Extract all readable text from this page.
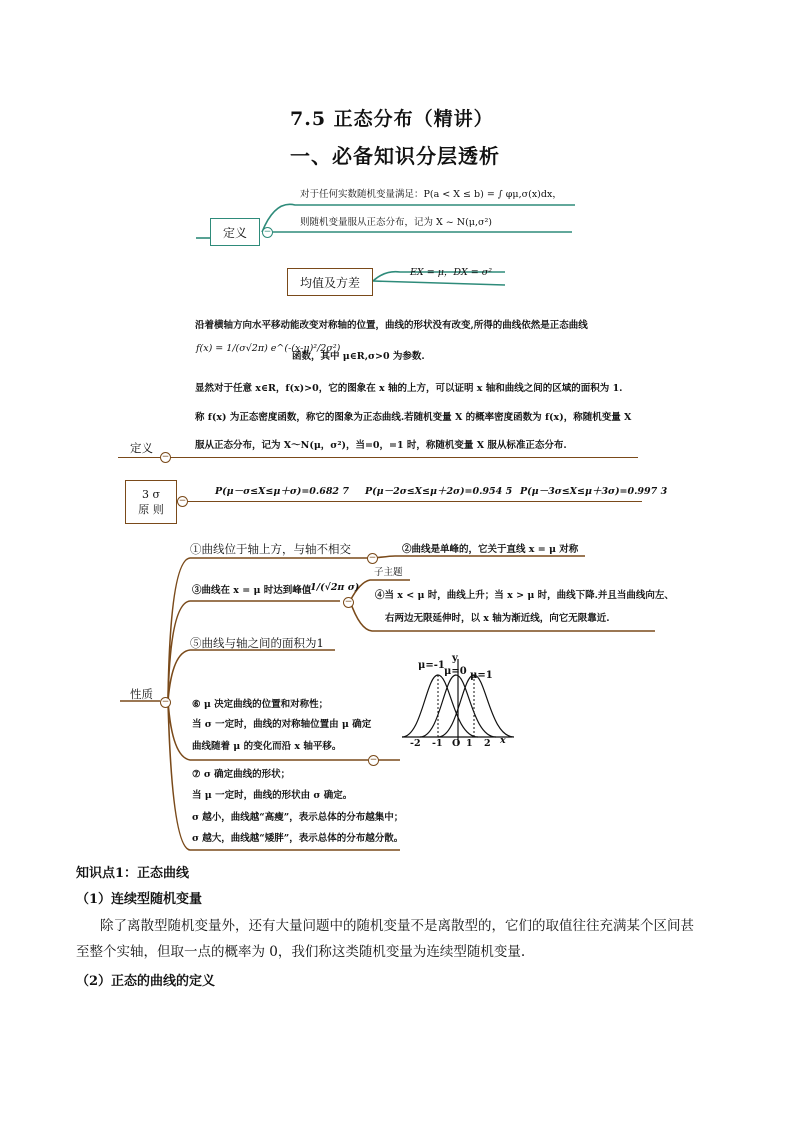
7.5 正态分布（精讲）
一、必备知识分层透析
对于任何实数随机变量满足：P(a < X ≤ b) = ∫ φμ,σ(x)dx，
则随机变量服从正态分布，记为 X ~ N(μ,σ²)
定义	−
均值及方差
EX = μ，DX = σ²
沿着横轴方向水平移动能改变对称轴的位置，曲线的形状没有改变,所得的曲线依然是正态曲线
f(x) = 1/(σ√2π) e^(-(x-μ)²/2σ²)
函数，其中 μ∈R,σ>0 为参数.
显然对于任意 x∈R，f(x)>0，它的图象在 x 轴的上方，可以证明 x 轴和曲线之间的区域的面积为 1.
称 f(x) 为正态密度函数，称它的图象为正态曲线.若随机变量 X 的概率密度函数为 f(x)，称随机变量 X
服从正态分布，记为 X～N(μ，σ²)，当=0，=1 时，称随机变量 X 服从标准正态分布.
定义
−
3 σ
原 则
−
P(μ－σ≤X≤μ＋σ)=0.682 7 P(μ－2σ≤X≤μ＋2σ)=0.954 5 P(μ－3σ≤X≤μ＋3σ)=0.997 3
性质
−
①曲线位于轴上方，与轴不相交
−
②曲线是单峰的，它关于直线 x = μ 对称
③曲线在 x = μ 时达到峰值
1/(√2π σ)
−
子主题
④当 x < μ 时，曲线上升；当 x > μ 时，曲线下降.并且当曲线向左、
右两边无限延伸时，以 x 轴为渐近线，向它无限靠近.
⑤曲线与轴之间的面积为1
⑥ μ 决定曲线的位置和对称性；
当 σ 一定时，曲线的对称轴位置由 μ 确定
曲线随着 μ 的变化而沿 x 轴平移。
−
⑦ σ 确定曲线的形状；
当 μ 一定时，曲线的形状由 σ 确定。
σ 越小，曲线越“高瘦”，表示总体的分布越集中；
σ 越大，曲线越“矮胖”，表示总体的分布越分散。
μ=-1
μ=0 μ=1
y
x
-2 -1 O 1 2
知识点1：正态曲线
（1）连续型随机变量
除了离散型随机变量外，还有大量问题中的随机变量不是离散型的，它们的取值往往充满某个区间甚
至整个实轴，但取一点的概率为 0，我们称这类随机变量为连续型随机变量.
（2）正态的曲线的定义
